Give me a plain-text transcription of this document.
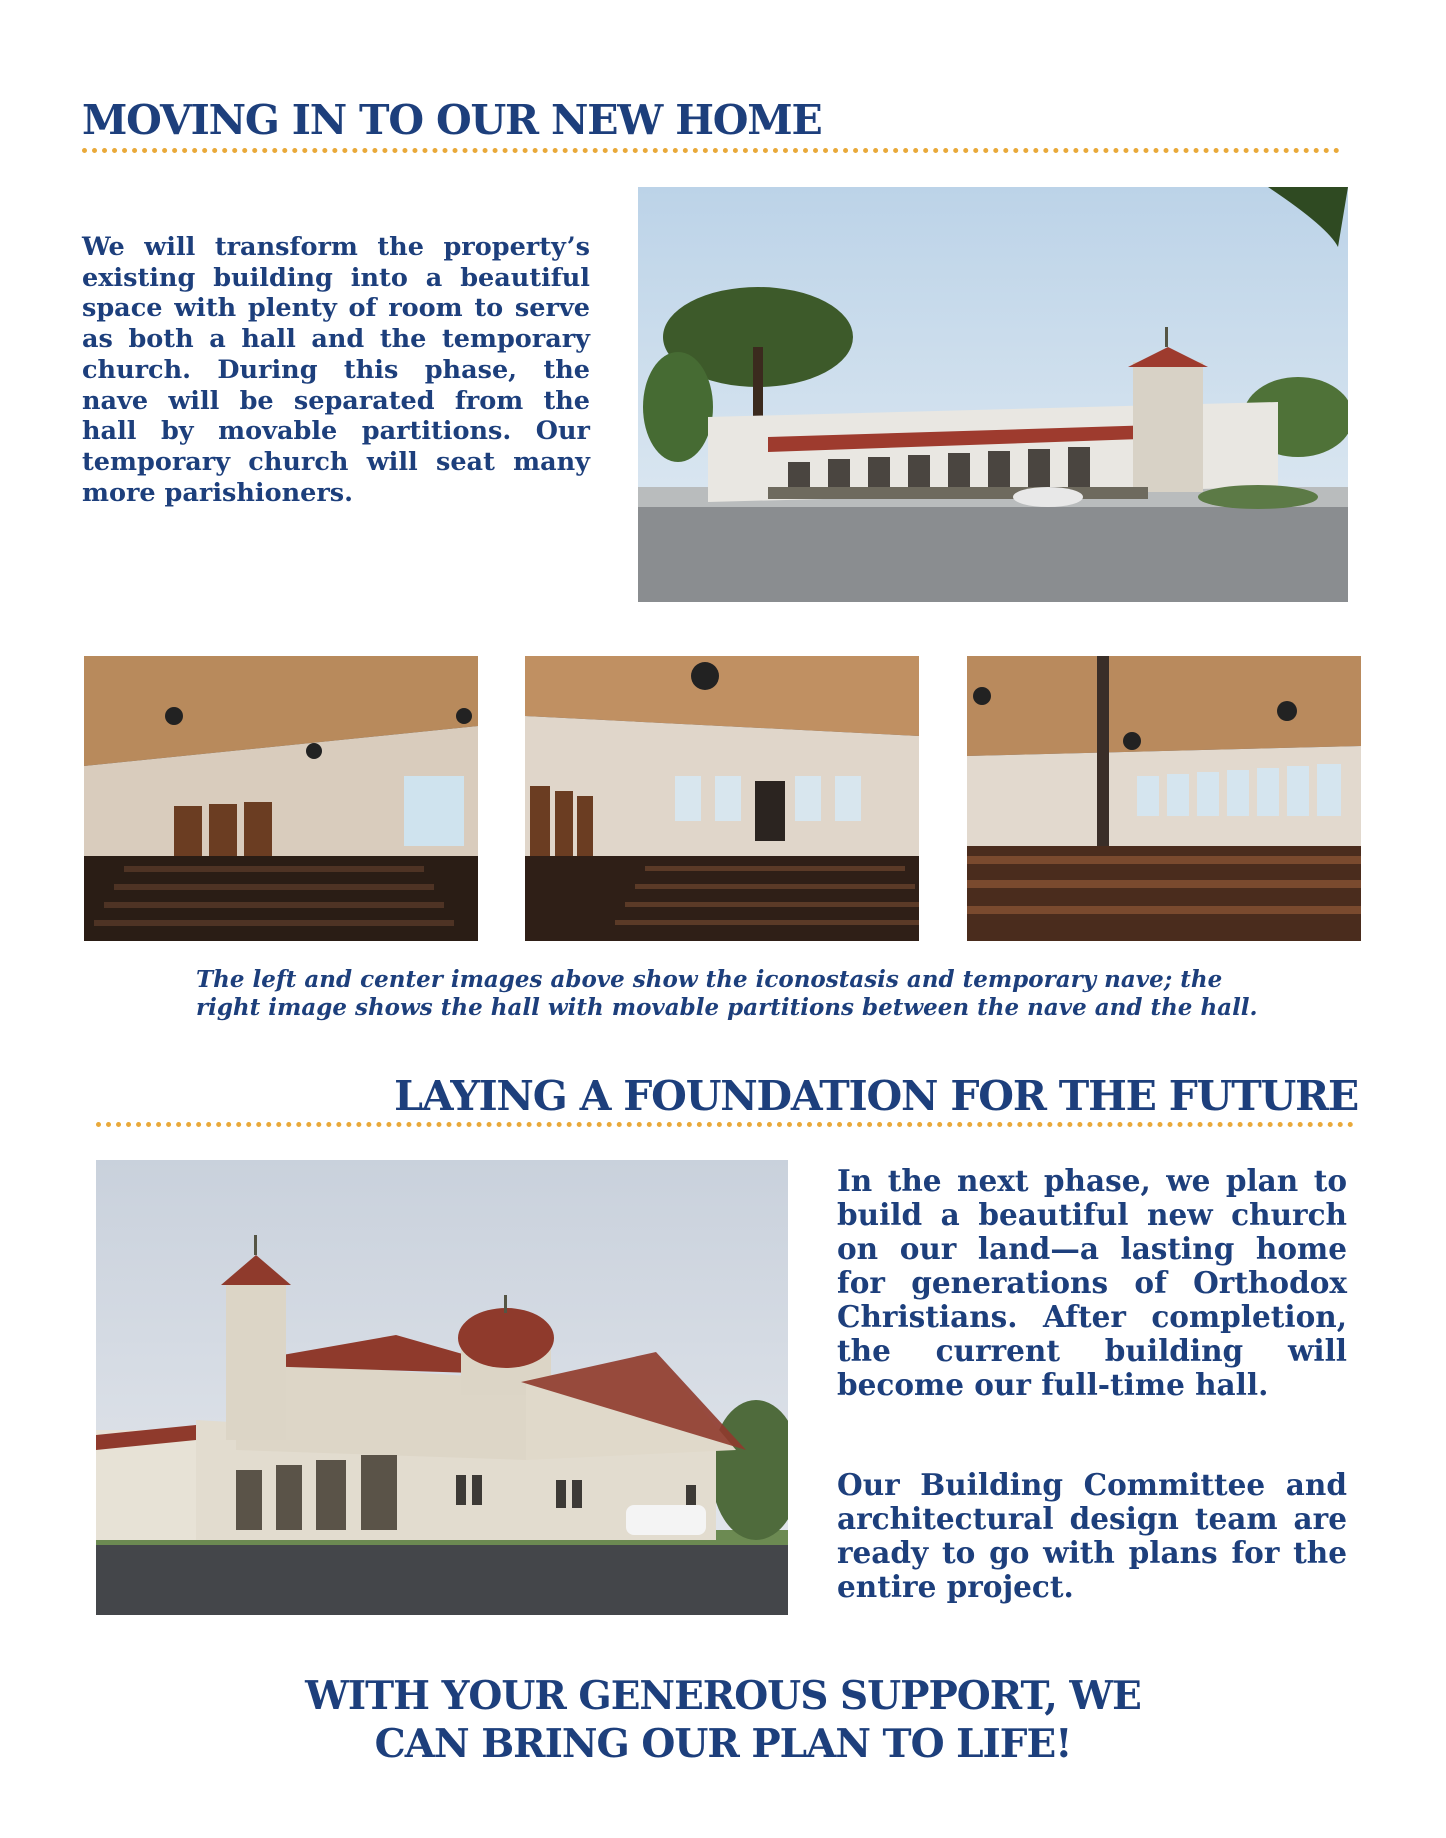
MOVING IN TO OUR NEW HOME
We will transform the property’s existing building into a beautiful space with plenty of room to serve as both a hall and the temporary church. During this phase, the nave will be separated from the hall by movable partitions. Our temporary church will seat many more parishioners.
The left and center images above show the iconostasis and temporary nave; the
right image shows the hall with movable partitions between the nave and the hall.
LAYING A FOUNDATION FOR THE FUTURE
In the next phase, we plan to build a beautiful new church on our land—a lasting home for generations of Orthodox Christians. After completion, the current building will become our full-time hall.
Our Building Committee and architectural design team are ready to go with plans for the entire project.
WITH YOUR GENEROUS SUPPORT, WE
CAN BRING OUR PLAN TO LIFE!
